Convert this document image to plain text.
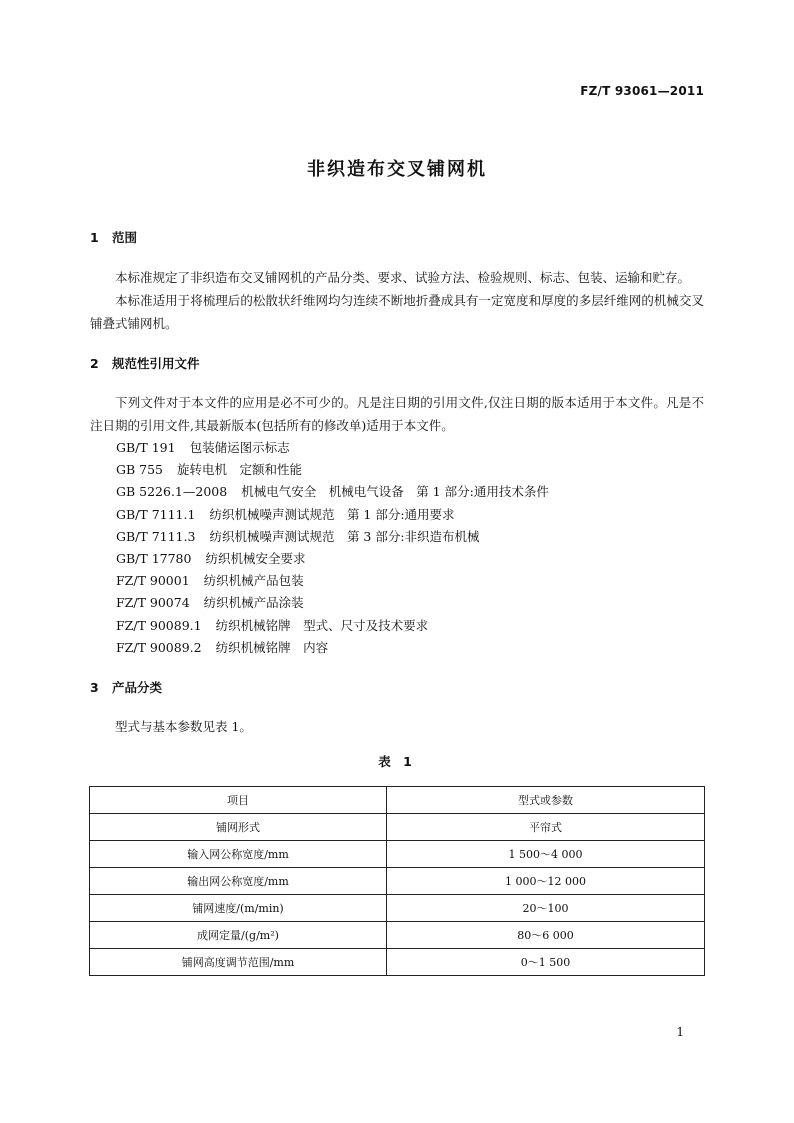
FZ/T 93061—2011
非织造布交叉铺网机
1 范围

本标准规定了非织造布交叉铺网机的产品分类、要求、试验方法、检验规则、标志、包装、运输和贮存。

本标准适用于将梳理后的松散状纤维网均匀连续不断地折叠成具有一定宽度和厚度的多层纤维网的机械交叉铺叠式铺网机。

2 规范性引用文件

下列文件对于本文件的应用是必不可少的。凡是注日期的引用文件,仅注日期的版本适用于本文件。凡是不注日期的引用文件,其最新版本(包括所有的修改单)适用于本文件。

GB/T 191 包装储运图示标志
GB 755 旋转电机　定额和性能
GB 5226.1—2008 机械电气安全　机械电气设备　第 1 部分:通用技术条件
GB/T 7111.1 纺织机械噪声测试规范　第 1 部分:通用要求
GB/T 7111.3 纺织机械噪声测试规范　第 3 部分:非织造布机械
GB/T 17780 纺织机械安全要求
FZ/T 90001 纺织机械产品包装
FZ/T 90074 纺织机械产品涂装
FZ/T 90089.1 纺织机械铭牌　型式、尺寸及技术要求
FZ/T 90089.2 纺织机械铭牌　内容
3 产品分类

型式与基本参数见表 1。

表 1
项目	型式或参数
铺网形式	平帘式
输入网公称宽度/mm	1 500～4 000
输出网公称宽度/mm	1 000～12 000
铺网速度/(m/min)	20～100
成网定量/(g/m²)	80～6 000
铺网高度调节范围/mm	0～1 500
1
